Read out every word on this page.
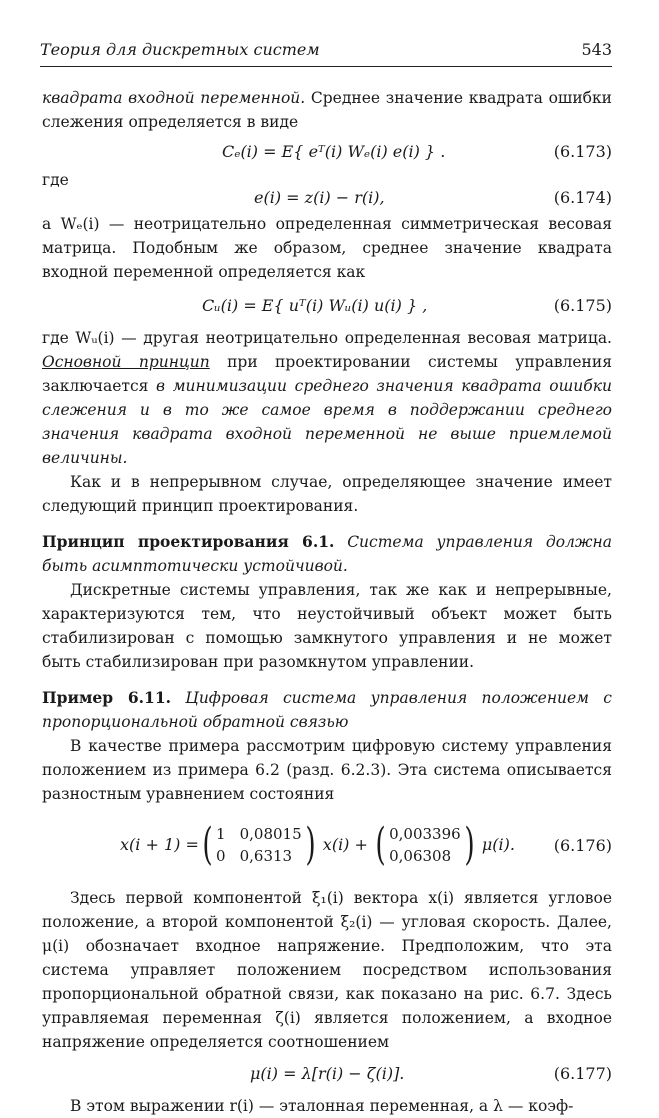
Теория для дискретных систем	543

квадрата входной переменной. Среднее значение квадрата ошибки слежения определяется в виде

Cₑ(i) = E{ eᵀ(i) Wₑ(i) e(i) } .	(6.173)
где
e(i) = z(i) − r(i),	(6.174)

а Wₑ(i) — неотрицательно определенная симметрическая весовая матрица. Подобным же образом, среднее значение квадрата входной переменной определяется как

Cᵤ(i) = E{ uᵀ(i) Wᵤ(i) u(i) } ,	(6.175)

где Wᵤ(i) — другая неотрицательно определенная весовая матрица. Основной принцип при проектировании системы управления заключается в минимизации среднего значения квадрата ошибки слежения и в то же самое время в поддержании среднего значения квадрата входной переменной не выше приемлемой величины.

Как и в непрерывном случае, определяющее значение имеет следующий принцип проектирования.

Принцип проектирования 6.1. Система управления должна быть асимптотически устойчивой.

Дискретные системы управления, так же как и непрерывные, характеризуются тем, что неустойчивый объект может быть стабилизирован с помощью замкнутого управления и не может быть стабилизирован при разомкнутом управлении.

Пример 6.11. Цифровая система управления положением с пропорциональной обратной связью

В качестве примера рассмотрим цифровую систему управления положением из примера 6.2 (разд. 6.2.3). Эта система описывается разностным уравнением состояния

x(i + 1) = ( 1 0,08015
0 0,6313 ) x(i) + ( 0,003396
0,06308 ) μ(i). (6.176)

Здесь первой компонентой ξ₁(i) вектора x(i) является угловое положение, а второй компонентой ξ₂(i) — угловая скорость. Далее, μ(i) обозначает входное напряжение. Предположим, что эта система управляет положением посредством использования пропорциональной обратной связи, как показано на рис. 6.7. Здесь управляемая переменная ζ(i) является положением, а входное напряжение определяется соотношением

μ(i) = λ[r(i) − ζ(i)].	(6.177)

В этом выражении r(i) — эталонная переменная, а λ — коэф-
